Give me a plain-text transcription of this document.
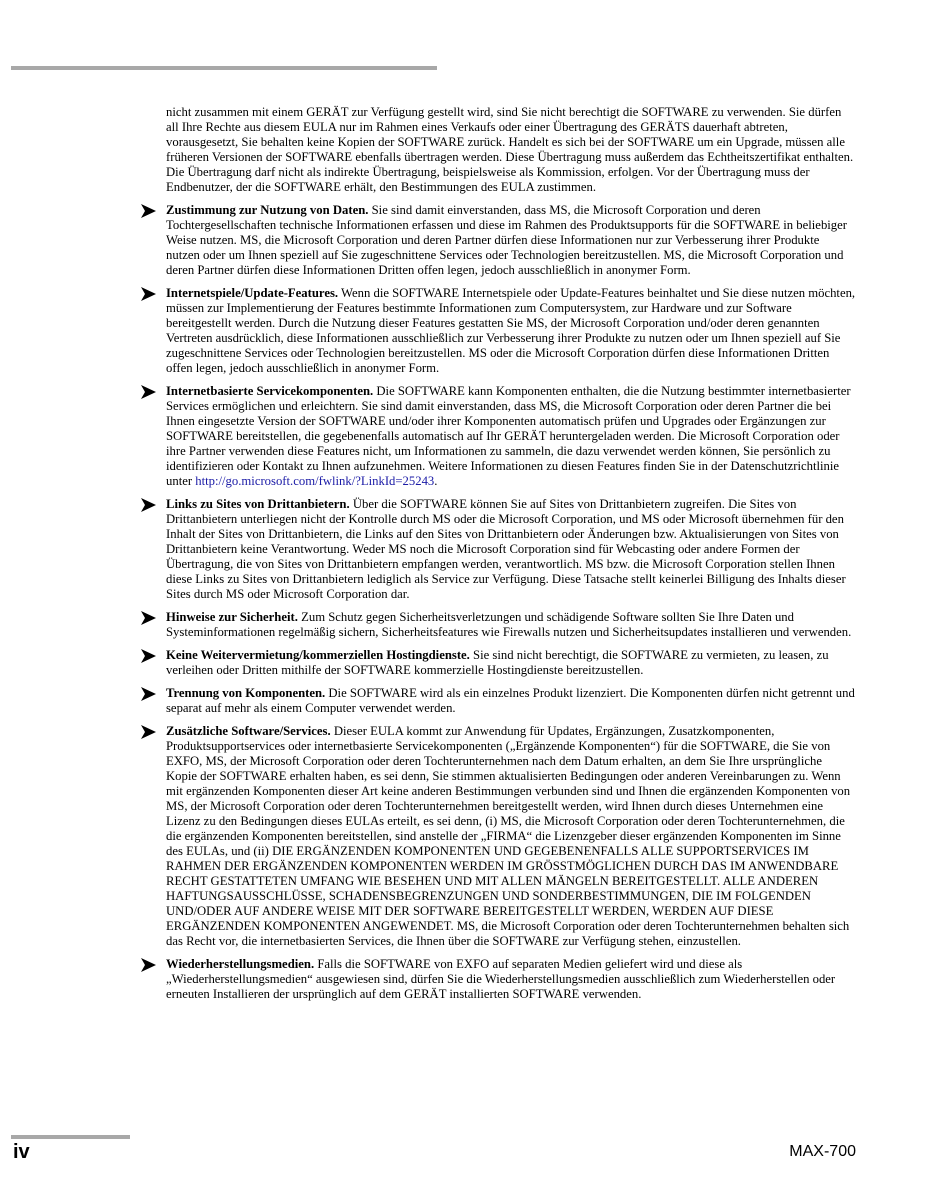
nicht zusammen mit einem GERÄT zur Verfügung gestellt wird, sind Sie nicht berechtigt die SOFTWARE zu verwenden. Sie dürfen all Ihre Rechte aus diesem EULA nur im Rahmen eines Verkaufs oder einer Übertragung des GERÄTS dauerhaft abtreten, vorausgesetzt, Sie behalten keine Kopien der SOFTWARE zurück. Handelt es sich bei der SOFTWARE um ein Upgrade, müssen alle früheren Versionen der SOFTWARE ebenfalls übertragen werden. Diese Übertragung muss außerdem das Echtheitszertifikat enthalten. Die Übertragung darf nicht als indirekte Übertragung, beispielsweise als Kommission, erfolgen. Vor der Übertragung muss der Endbenutzer, der die SOFTWARE erhält, den Bestimmungen des EULA zustimmen.

Zustimmung zur Nutzung von Daten. Sie sind damit einverstanden, dass MS, die Microsoft Corporation und deren Tochtergesellschaften technische Informationen erfassen und diese im Rahmen des Produktsupports für die SOFTWARE in beliebiger Weise nutzen. MS, die Microsoft Corporation und deren Partner dürfen diese Informationen nur zur Verbesserung ihrer Produkte nutzen oder um Ihnen speziell auf Sie zugeschnittene Services oder Technologien bereitzustellen. MS, die Microsoft Corporation und deren Partner dürfen diese Informationen Dritten offen legen, jedoch ausschließlich in anonymer Form.
Internetspiele/Update-Features. Wenn die SOFTWARE Internetspiele oder Update-Features beinhaltet und Sie diese nutzen möchten, müssen zur Implementierung der Features bestimmte Informationen zum Computersystem, zur Hardware und zur Software bereitgestellt werden. Durch die Nutzung dieser Features gestatten Sie MS, der Microsoft Corporation und/oder deren genannten Vertreten ausdrücklich, diese Informationen ausschließlich zur Verbesserung ihrer Produkte zu nutzen oder um Ihnen speziell auf Sie zugeschnittene Services oder Technologien bereitzustellen. MS oder die Microsoft Corporation dürfen diese Informationen Dritten offen legen, jedoch ausschließlich in anonymer Form.
Internetbasierte Servicekomponenten. Die SOFTWARE kann Komponenten enthalten, die die Nutzung bestimmter internetbasierter Services ermöglichen und erleichtern. Sie sind damit einverstanden, dass MS, die Microsoft Corporation oder deren Partner die bei Ihnen eingesetzte Version der SOFTWARE und/oder ihrer Komponenten automatisch prüfen und Upgrades oder Ergänzungen zur SOFTWARE bereitstellen, die gegebenenfalls automatisch auf Ihr GERÄT heruntergeladen werden. Die Microsoft Corporation oder ihre Partner verwenden diese Features nicht, um Informationen zu sammeln, die dazu verwendet werden können, Sie persönlich zu identifizieren oder Kontakt zu Ihnen aufzunehmen. Weitere Informationen zu diesen Features finden Sie in der Datenschutzrichtlinie unter http://go.microsoft.com/fwlink/?LinkId=25243.
Links zu Sites von Drittanbietern. Über die SOFTWARE können Sie auf Sites von Drittanbietern zugreifen. Die Sites von Drittanbietern unterliegen nicht der Kontrolle durch MS oder die Microsoft Corporation, und MS oder Microsoft übernehmen für den Inhalt der Sites von Drittanbietern, die Links auf den Sites von Drittanbietern oder Änderungen bzw. Aktualisierungen von Sites von Drittanbietern keine Verantwortung. Weder MS noch die Microsoft Corporation sind für Webcasting oder andere Formen der Übertragung, die von Sites von Drittanbietern empfangen werden, verantwortlich. MS bzw. die Microsoft Corporation stellen Ihnen diese Links zu Sites von Drittanbietern lediglich als Service zur Verfügung. Diese Tatsache stellt keinerlei Billigung des Inhalts dieser Sites durch MS oder Microsoft Corporation dar.
Hinweise zur Sicherheit. Zum Schutz gegen Sicherheitsverletzungen und schädigende Software sollten Sie Ihre Daten und Systeminformationen regelmäßig sichern, Sicherheitsfeatures wie Firewalls nutzen und Sicherheitsupdates installieren und verwenden.
Keine Weitervermietung/kommerziellen Hostingdienste. Sie sind nicht berechtigt, die SOFTWARE zu vermieten, zu leasen, zu verleihen oder Dritten mithilfe der SOFTWARE kommerzielle Hostingdienste bereitzustellen.
Trennung von Komponenten. Die SOFTWARE wird als ein einzelnes Produkt lizenziert. Die Komponenten dürfen nicht getrennt und separat auf mehr als einem Computer verwendet werden.
Zusätzliche Software/Services. Dieser EULA kommt zur Anwendung für Updates, Ergänzungen, Zusatzkomponenten, Produktsupportservices oder internetbasierte Servicekomponenten („Ergänzende Komponenten“) für die SOFTWARE, die Sie von EXFO, MS, der Microsoft Corporation oder deren Tochterunternehmen nach dem Datum erhalten, an dem Sie Ihre ursprüngliche Kopie der SOFTWARE erhalten haben, es sei denn, Sie stimmen aktualisierten Bedingungen oder anderen Vereinbarungen zu. Wenn mit ergänzenden Komponenten dieser Art keine anderen Bestimmungen verbunden sind und Ihnen die ergänzenden Komponenten von MS, der Microsoft Corporation oder deren Tochterunternehmen bereitgestellt werden, wird Ihnen durch dieses Unternehmen eine Lizenz zu den Bedingungen dieses EULAs erteilt, es sei denn, (i) MS, die Microsoft Corporation oder deren Tochterunternehmen, die die ergänzenden Komponenten bereitstellen, sind anstelle der „FIRMA“ die Lizenzgeber dieser ergänzenden Komponenten im Sinne des EULAs, und (ii) DIE ERGÄNZENDEN KOMPONENTEN UND GEGEBENENFALLS ALLE SUPPORTSERVICES IM RAHMEN DER ERGÄNZENDEN KOMPONENTEN WERDEN IM GRÖSSTMÖGLICHEN DURCH DAS IM ANWENDBARE RECHT GESTATTETEN UMFANG WIE BESEHEN UND MIT ALLEN MÄNGELN BEREITGESTELLT. ALLE ANDEREN HAFTUNGSAUSSCHLÜSSE, SCHADENSBEGRENZUNGEN UND SONDERBESTIMMUNGEN, DIE IM FOLGENDEN UND/ODER AUF ANDERE WEISE MIT DER SOFTWARE BEREITGESTELLT WERDEN, WERDEN AUF DIESE ERGÄNZENDEN KOMPONENTEN ANGEWENDET. MS, die Microsoft Corporation oder deren Tochterunternehmen behalten sich das Recht vor, die internetbasierten Services, die Ihnen über die SOFTWARE zur Verfügung stehen, einzustellen.
Wiederherstellungsmedien. Falls die SOFTWARE von EXFO auf separaten Medien geliefert wird und diese als „Wiederherstellungsmedien“ ausgewiesen sind, dürfen Sie die Wiederherstellungsmedien ausschließlich zum Wiederherstellen oder erneuten Installieren der ursprünglich auf dem GERÄT installierten SOFTWARE verwenden.
iv	MAX-700
